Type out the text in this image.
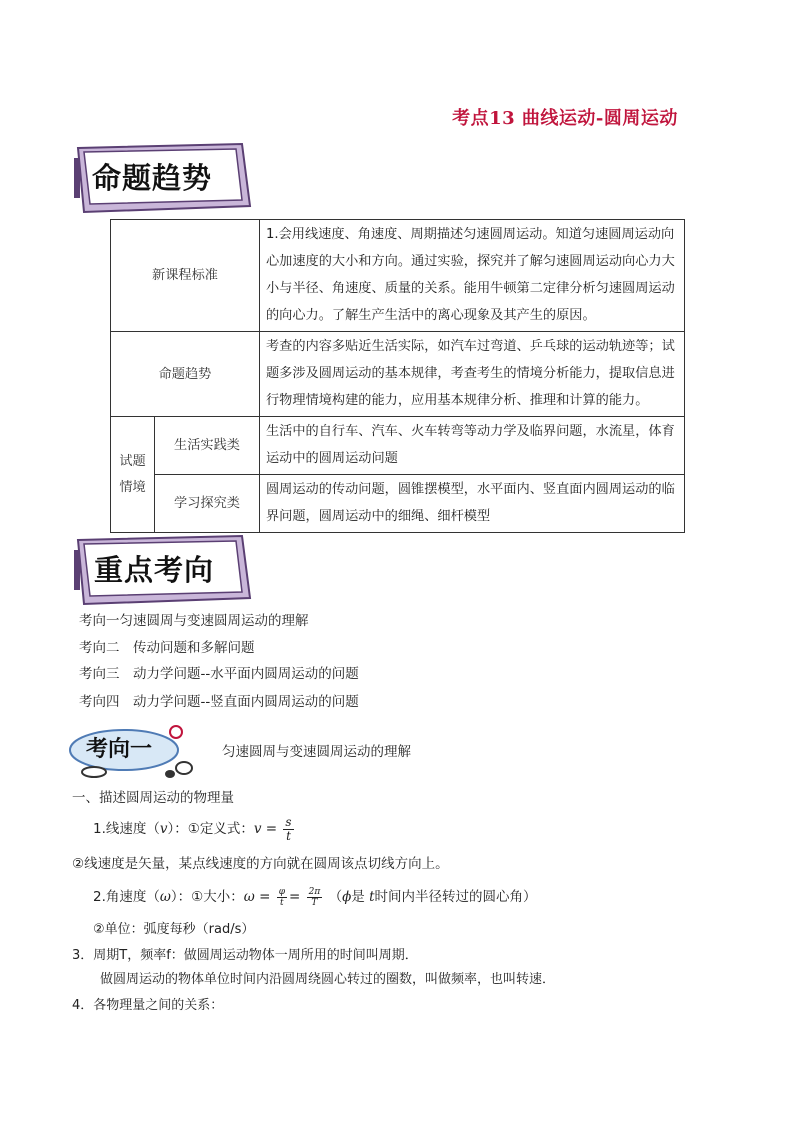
考点13 曲线运动-圆周运动
命题趋势
新课程标准		1.会用线速度、角速度、周期描述匀速圆周运动。知道匀速圆周运动向心加速度的大小和方向。通过实验，探究并了解匀速圆周运动向心力大小与半径、角速度、质量的关系。能用牛顿第二定律分析匀速圆周运动的向心力。了解生产生活中的离心现象及其产生的原因。
命题趋势		考查的内容多贴近生活实际，如汽车过弯道、乒乓球的运动轨迹等；试题多涉及圆周运动的基本规律，考查考生的情境分析能力，提取信息进行物理情境构建的能力，应用基本规律分析、推理和计算的能力。
试题
情境	生活实践类	生活中的自行车、汽车、火车转弯等动力学及临界问题，水流星，体育运动中的圆周运动问题
	学习探究类	圆周运动的传动问题，圆锥摆模型，水平面内、竖直面内圆周运动的临界问题，圆周运动中的细绳、细杆模型
重点考向
考向一匀速圆周与变速圆周运动的理解
考向二　传动问题和多解问题
考向三　动力学问题--水平面内圆周运动的问题
考向四　动力学问题--竖直面内圆周运动的问题
考向一	匀速圆周与变速圆周运动的理解
一、描述圆周运动的物理量
1.线速度（v）：①定义式：$v = \frac{s}{t}$
②线速度是矢量，某点线速度的方向就在圆周该点切线方向上。
2.角速度（ω）：①大小：$\omega = \frac{\varphi}{t} = \frac{2\pi}{T} (\phi$是 t时间内半径转过的圆心角）
②单位：弧度每秒（rad/s）
3．周期T，频率f：做圆周运动物体一周所用的时间叫周期．
做圆周运动的物体单位时间内沿圆周绕圆心转过的圈数，叫做频率，也叫转速．
4．各物理量之间的关系：
